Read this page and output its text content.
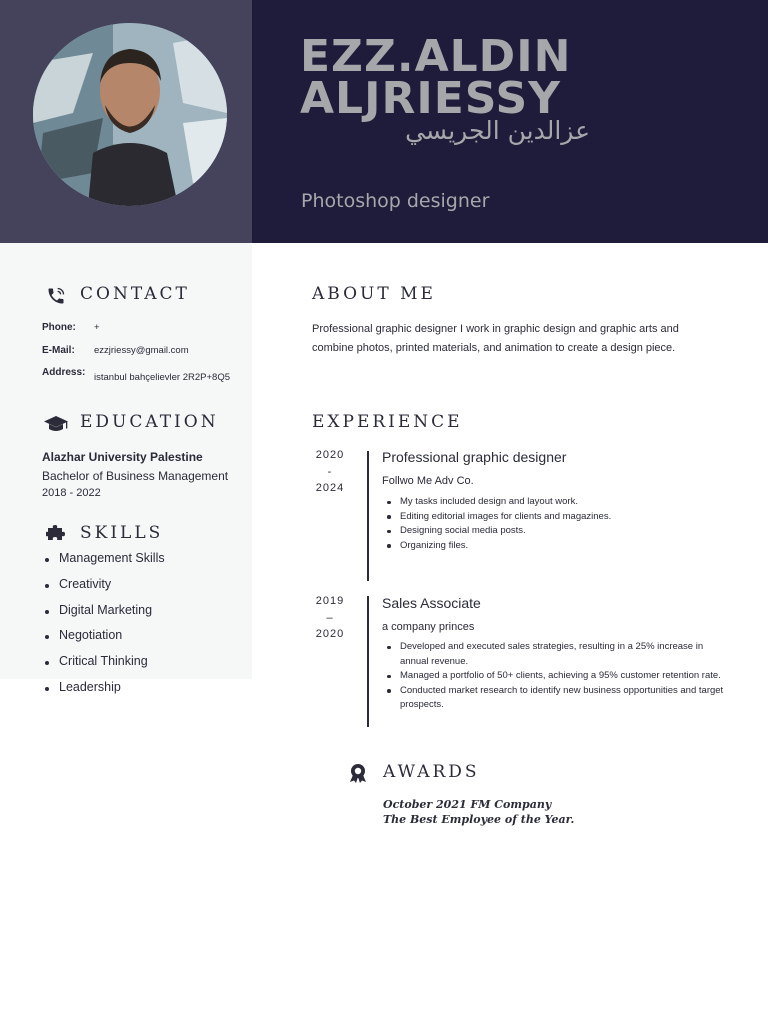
EZZ.ALDIN ALJRIESSY
عزالدين الجريسي
Photoshop designer
CONTACT
Phone: +
E-Mail: ezzjriessy@gmail.com
Address: istanbul bahçelievler 2R2P+8Q5
EDUCATION
Alazhar University Palestine
Bachelor of Business Management
2018 - 2022
SKILLS
Management Skills
Creativity
Digital Marketing
Negotiation
Critical Thinking
Leadership
ABOUT ME
Professional graphic designer I work in graphic design and graphic arts and combine photos, printed materials, and animation to create a design piece.
EXPERIENCE
2020
-
2024
Professional graphic designer
Follwo Me Adv Co.
My tasks included design and layout work.
Editing editorial images for clients and magazines.
Designing social media posts.
Organizing files.
2019
–
2020
Sales Associate
a company princes
Developed and executed sales strategies, resulting in a 25% increase in annual revenue.
Managed a portfolio of 50+ clients, achieving a 95% customer retention rate.
Conducted market research to identify new business opportunities and target prospects.
AWARDS
October 2021 FM Company
The Best Employee of the Year.
